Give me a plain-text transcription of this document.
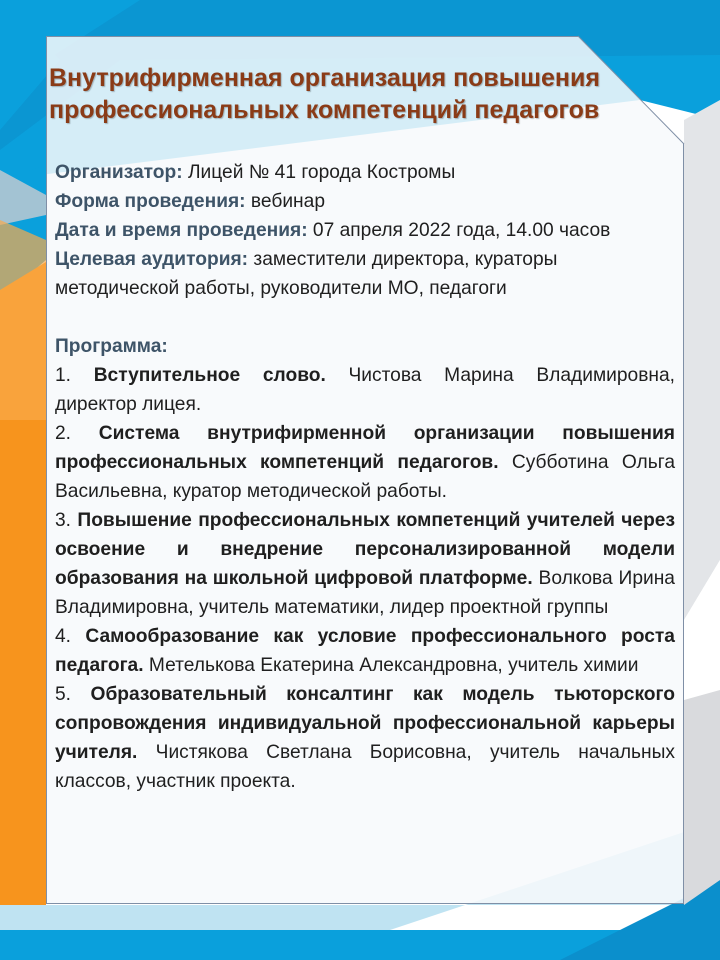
Внутрифирменная организация повышения профессиональных компетенций педагогов
Организатор: Лицей № 41 города Костромы
Форма проведения: вебинар
Дата и время проведения: 07 апреля 2022 года, 14.00 часов
Целевая аудитория: заместители директора, кураторы методической работы, руководители МО, педагоги
Программа:
1. Вступительное слово. Чистова Марина Владимировна, директор лицея.
2. Система внутрифирменной организации повышения профессиональных компетенций педагогов. Субботина Ольга Васильевна, куратор методической работы.
3. Повышение профессиональных компетенций учителей через освоение и внедрение персонализированной модели образования на школьной цифровой платформе. Волкова Ирина Владимировна, учитель математики, лидер проектной группы
4. Самообразование как условие профессионального роста педагога. Метелькова Екатерина Александровна, учитель химии
5. Образовательный консалтинг как модель тьюторского сопровождения индивидуальной профессиональной карьеры учителя. Чистякова Светлана Борисовна, учитель начальных классов, участник проекта.
